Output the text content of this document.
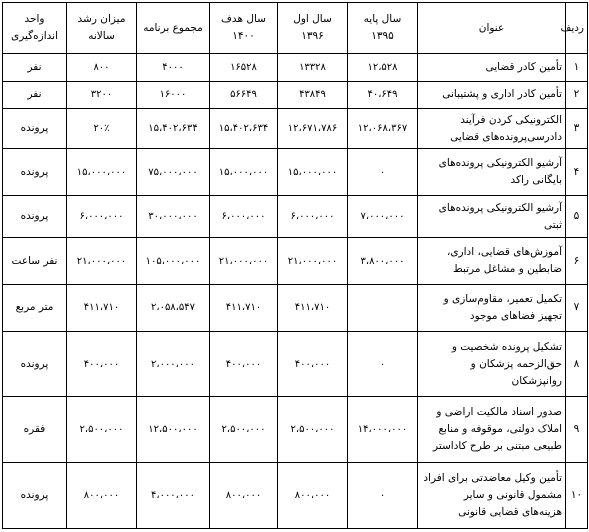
ردیف	عنوان	سال پایه ۱۳۹۵	سال اول ۱۳۹۶	سال هدف ۱۴۰۰	مجموع برنامه	میزان رشد سالانه	واحد اندازه‌گیری
۱	تأمین کادر قضایی	۱۲،۵۲۸	۱۳۳۲۸	۱۶۵۲۸	۴۰۰۰	۸۰۰	نفر
۲	تأمین کادر اداری و پشتیبانی	۴۰،۶۴۹	۴۳۸۴۹	۵۶۶۴۹	۱۶۰۰۰	۳۲۰۰	نفر
۳	الکترونیکی کردن فرآیند دادرسی‌پرونده‌های قضایی	۱۲،۰۶۸،۳۶۷	۱۲،۶۷۱،۷۸۶	۱۵،۴۰۲،۶۳۴	۱۵،۴۰۲،۶۳۴	۲۰٪	پرونده
۴	آرشیو الکترونیکی پرونده‌های بایگانی راکد	۰	۱۵،۰۰۰،۰۰۰	۱۵،۰۰۰،۰۰۰	۷۵،۰۰۰،۰۰۰	۱۵،۰۰۰،۰۰۰	پرونده
۵	آرشیو الکترونیکی پرونده‌های ثبتی	۷،۰۰۰،۰۰۰	۶،۰۰۰،۰۰۰	۶،۰۰۰،۰۰۰	۳۰،۰۰۰،۰۰۰	۶،۰۰۰،۰۰۰	پرونده
۶	آموزش‌های قضایی، اداری، ضابطین و مشاغل مرتبط	۳،۸۰۰،۰۰۰	۲۱،۰۰۰،۰۰۰	۲۱،۰۰۰،۰۰۰	۱۰۵،۰۰۰،۰۰۰	۲۱،۰۰۰،۰۰۰	نفر ساعت
۷	تکمیل تعمیر، مقاوم‌سازی و تجهیز فضاهای موجود		۴۱۱،۷۱۰	۴۱۱،۷۱۰	۲،۰۵۸،۵۴۷	۴۱۱،۷۱۰	متر مربع
۸	تشکیل پرونده شخصیت و حق‌الزحمه پزشکان و روانپزشکان	۰	۴۰۰،۰۰۰	۴۰۰،۰۰۰	۲،۰۰۰،۰۰۰	۴۰۰،۰۰۰	پرونده
۹	صدور اسناد مالکیت اراضی و املاک دولتی، موقوفه و منابع طبیعی مبتنی بر طرح کاداستر	۱۴،۰۰۰،۰۰۰	۲،۵۰۰،۰۰۰	۲،۵۰۰،۰۰۰	۱۲،۵۰۰،۰۰۰	۲،۵۰۰،۰۰۰	فقره
۱۰	تأمین وکیل معاضدتی برای افراد مشمول قانونی و سایر هزینه‌های قضایی قانونی	۰	۸۰۰،۰۰۰	۸۰۰،۰۰۰	۴،۰۰۰،۰۰۰	۸۰۰،۰۰۰	پرونده
